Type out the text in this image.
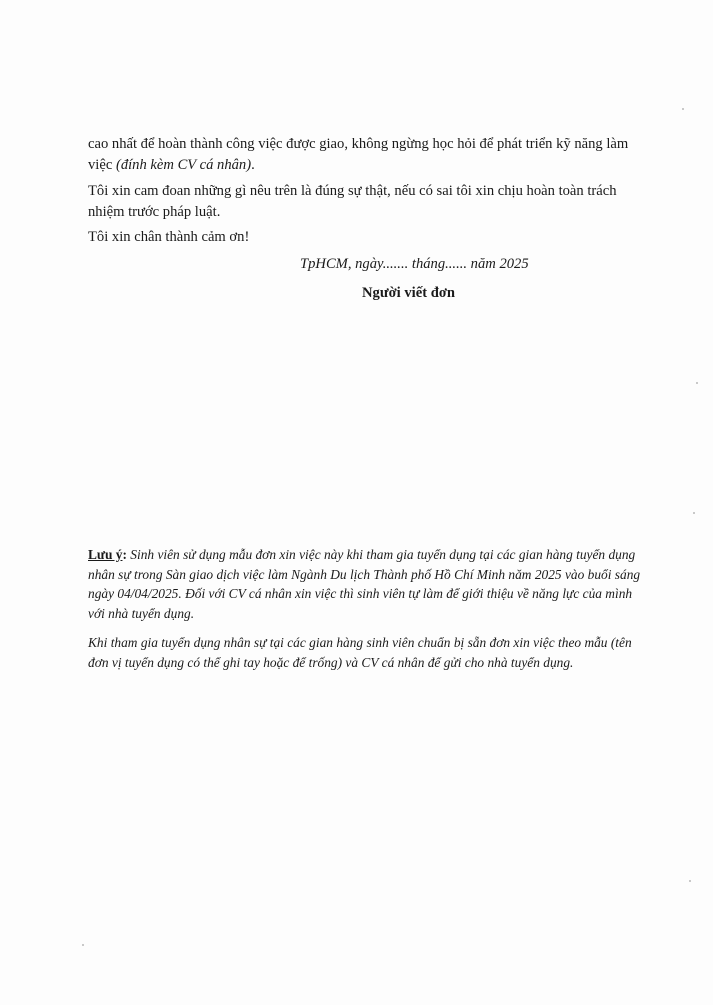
cao nhất để hoàn thành công việc được giao, không ngừng học hỏi để phát triển kỹ năng làm việc (đính kèm CV cá nhân).

Tôi xin cam đoan những gì nêu trên là đúng sự thật, nếu có sai tôi xin chịu hoàn toàn trách nhiệm trước pháp luật.

Tôi xin chân thành cảm ơn!

TpHCM, ngày....... tháng...... năm 2025
Người viết đơn

Lưu ý: Sinh viên sử dụng mẫu đơn xin việc này khi tham gia tuyển dụng tại các gian hàng tuyển dụng nhân sự trong Sàn giao dịch việc làm Ngành Du lịch Thành phố Hồ Chí Minh năm 2025 vào buổi sáng ngày 04/04/2025. Đối với CV cá nhân xin việc thì sinh viên tự làm để giới thiệu về năng lực của mình với nhà tuyển dụng.

Khi tham gia tuyển dụng nhân sự tại các gian hàng sinh viên chuẩn bị sẵn đơn xin việc theo mẫu (tên đơn vị tuyển dụng có thể ghi tay hoặc để trống) và CV cá nhân để gửi cho nhà tuyển dụng.
